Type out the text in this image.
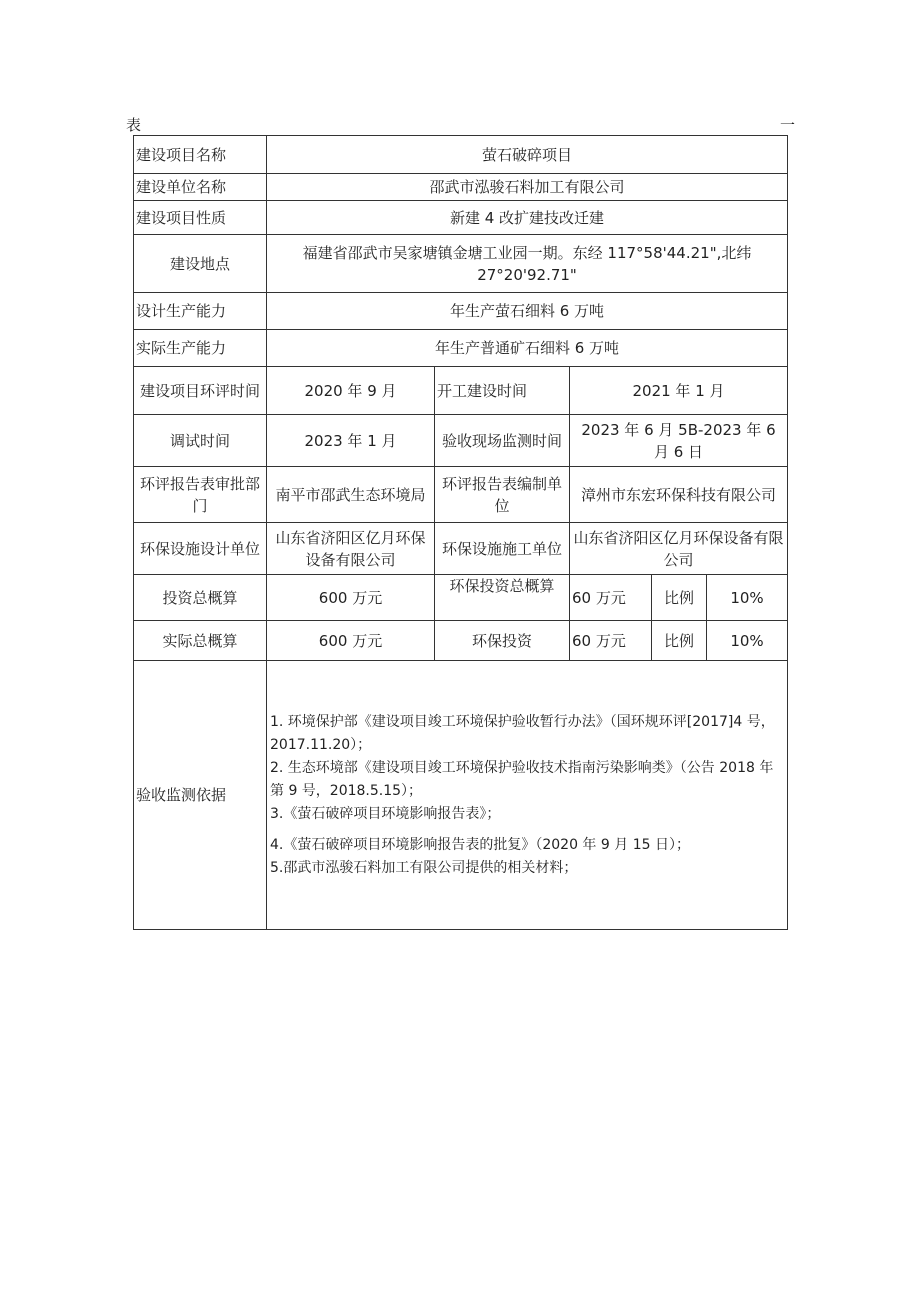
表	一
建设项目名称	萤石破碎项目				
建设单位名称	邵武市泓骏石料加工有限公司				
建设项目性质	新建 4 改扩建技改迁建				
建设地点	福建省邵武市吴家塘镇金塘工业园一期。东经 117°58'44.21",北纬 27°20'92.71"				
设计生产能力	年生产萤石细料 6 万吨				
实际生产能力	年生产普通矿石细料 6 万吨				
建设项目环评时间	2020 年 9 月	开工建设时间	2021 年 1 月		
调试时间	2023 年 1 月	验收现场监测时间	2023 年 6 月 5B-2023 年 6 月 6 日		
环评报告表审批部门	南平市邵武生态环境局	环评报告表编制单位	漳州市东宏环保科技有限公司		
环保设施设计单位	山东省济阳区亿月环保设备有限公司	环保设施施工单位	山东省济阳区亿月环保设备有限公司		
投资总概算	600 万元	环保投资总概算	60 万元	比例	10%
实际总概算	600 万元	环保投资	60 万元	比例	10%
验收监测依据	1. 环境保护部《建设项目竣工环境保护验收暂行办法》（国环规环评[2017]4 号，2017.11.20）；
2. 生态环境部《建设项目竣工环境保护验收技术指南污染影响类》（公告 2018 年第 9 号，2018.5.15）；
3.《萤石破碎项目环境影响报告表》；
4.《萤石破碎项目环境影响报告表的批复》（2020 年 9 月 15 日）；
5.邵武市泓骏石料加工有限公司提供的相关材料；				
